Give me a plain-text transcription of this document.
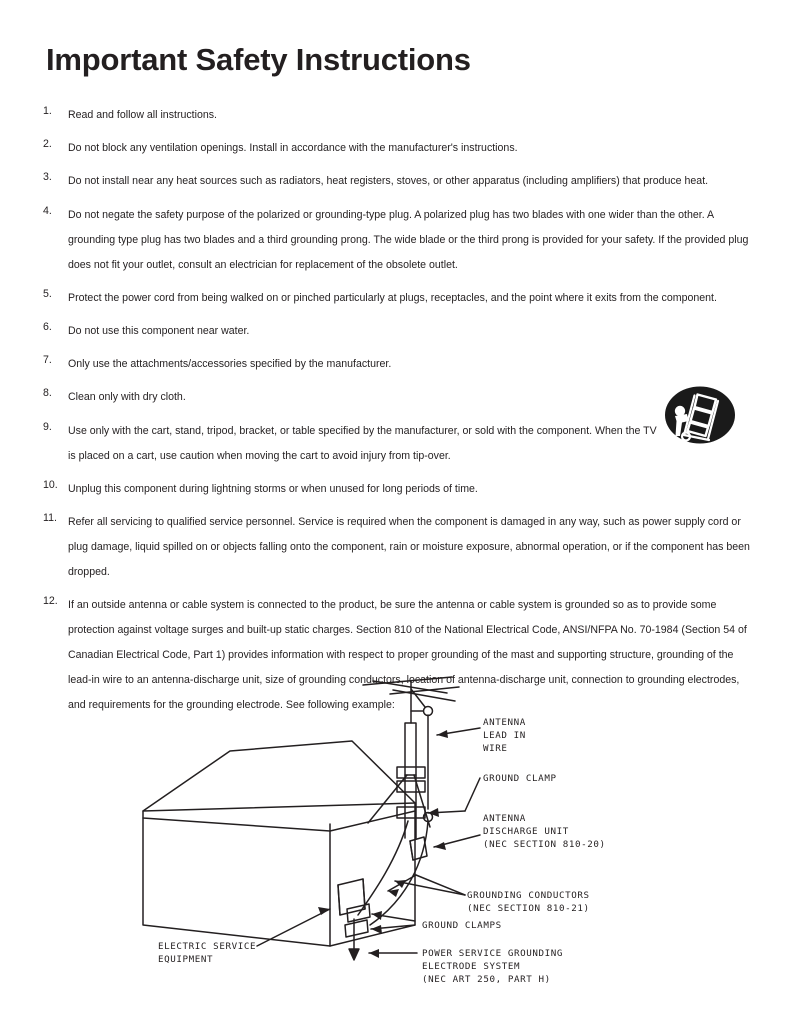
Important Safety Instructions
1.	Read and follow all instructions.
2.	Do not block any ventilation openings. Install in accordance with the manufacturer's instructions.
3.	Do not install near any heat sources such as radiators, heat registers, stoves, or other apparatus (including amplifiers) that produce heat.
4.	Do not negate the safety purpose of the polarized or grounding-type plug. A polarized plug has two blades with one wider than the other. A grounding type plug has two blades and a third grounding prong. The wide blade or the third prong is provided for your safety. If the provided plug does not fit your outlet, consult an electrician for replacement of the obsolete outlet.
5.	Protect the power cord from being walked on or pinched particularly at plugs, receptacles, and the point where it exits from the component.
6.	Do not use this component near water.
7.	Only use the attachments/accessories specified by the manufacturer.
8.	Clean only with dry cloth.
9.	Use only with the cart, stand, tripod, bracket, or table specified by the manufacturer, or sold with the component. When the TV is placed on a cart, use caution when moving the cart to avoid injury from tip-over.
10. Unplug this component during lightning storms or when unused for long periods of time.
11.	Refer all servicing to qualified service personnel. Service is required when the component is damaged in any way, such as power supply cord or plug damage, liquid spilled on or objects falling onto the component, rain or moisture exposure, abnormal operation, or if the component has been dropped.
12. If an outside antenna or cable system is connected to the product, be sure the antenna or cable system is grounded so as to provide some protection against voltage surges and built-up static charges. Section 810 of the National Electrical Code, ANSI/NFPA No. 70-1984 (Section 54 of Canadian Electrical Code, Part 1) provides information with respect to proper grounding of the mast and supporting structure, grounding of the lead-in wire to an antenna-discharge unit, size of grounding conductors, location of antenna-discharge unit, connection to grounding electrodes, and requirements for the grounding electrode. See following example:
ANTENNA
LEAD IN
WIRE
GROUND CLAMP
ANTENNA
DISCHARGE UNIT
(NEC SECTION 810-20)
GROUNDING CONDUCTORS
(NEC SECTION 810-21)
GROUND CLAMPS
POWER SERVICE GROUNDING
ELECTRODE SYSTEM
(NEC ART 250, PART H)
ELECTRIC SERVICE
EQUIPMENT
